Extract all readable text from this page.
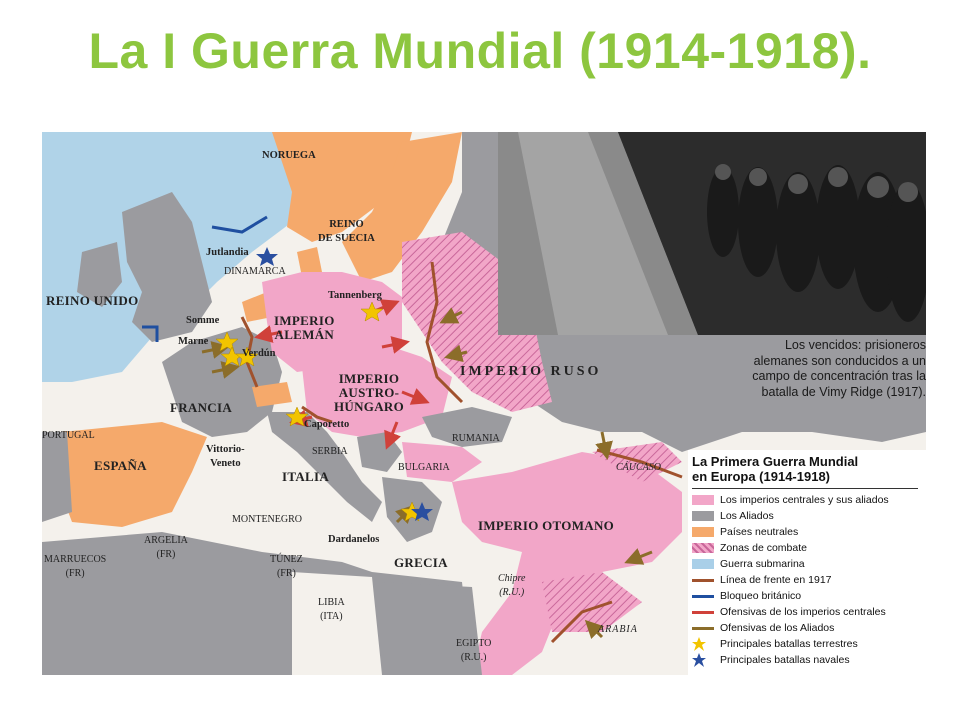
La I Guerra Mundial (1914-1918).
Los vencidos: prisioneros
alemanes son conducidos a un
campo de concentración tras la
batalla de Vimy Ridge (1917).
La Primera Guerra Mundial
en Europa (1914-1918)
Los imperios centrales y sus aliados
Los Aliados
Países neutrales
Zonas de combate
Guerra submarina
Línea de frente en 1917
Bloqueo británico
Ofensivas de los imperios centrales
Ofensivas de los Aliados
Principales batallas terrestres
Principales batallas navales
NORUEGA
REINO
DE SUECIA
Jutlandia
DINAMARCA
REINO UNIDO	Tannenberg
Somme
Marne
Verdún
IMPERIO
ALEMÁN
IMPERIO RUSO
IMPERIO
AUSTRO-
HÚNGARO
FRANCIA
PORTUGAL
ESPAÑA
Caporetto
Vittorio-
Veneto
RUMANIA
SERBIA
BULGARIA
ITALIA
MONTENEGRO
CÁUCASO
IMPERIO OTOMANO
Dardanelos
GRECIA
MARRUECOS
(FR)
ARGELIA
(FR)	TÚNEZ
(FR)	Chipre
(R.U.)
LIBIA
(ITA)
EGIPTO
(R.U.)
ARABIA
